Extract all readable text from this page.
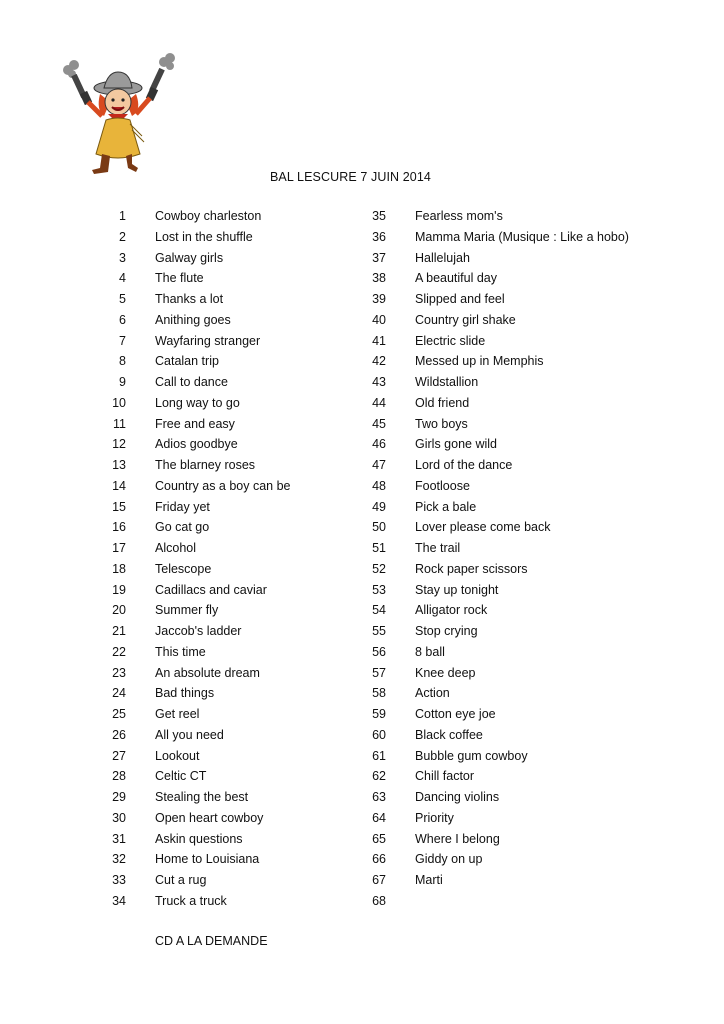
BAL LESCURE 7 JUIN 2014
1 Cowboy charleston
2 Lost in the shuffle
3 Galway girls
4 The flute
5 Thanks a lot
6 Anithing goes
7 Wayfaring stranger
8 Catalan trip
9 Call to dance
10 Long way to go
11 Free and easy
12 Adios goodbye
13 The blarney roses
14 Country as a boy can be
15 Friday yet
16 Go cat go
17 Alcohol
18 Telescope
19 Cadillacs and caviar
20 Summer fly
21 Jaccob's ladder
22 This time
23 An absolute dream
24 Bad things
25 Get reel
26 All you need
27 Lookout
28 Celtic CT
29 Stealing the best
30 Open heart cowboy
31 Askin questions
32 Home to Louisiana
33 Cut a rug
34 Truck a truck
35 Fearless mom's
36 Mamma Maria (Musique : Like a hobo)
37 Hallelujah
38 A beautiful day
39 Slipped and feel
40 Country girl shake
41 Electric slide
42 Messed up in Memphis
43 Wildstallion
44 Old friend
45 Two boys
46 Girls gone wild
47 Lord of the dance
48 Footloose
49 Pick a bale
50 Lover please come back
51 The trail
52 Rock paper scissors
53 Stay up tonight
54 Alligator rock
55 Stop crying
56 8 ball
57 Knee deep
58 Action
59 Cotton eye joe
60 Black coffee
61 Bubble gum cowboy
62 Chill factor
63 Dancing violins
64 Priority
65 Where I belong
66 Giddy on up
67 Marti
68
CD A LA DEMANDE
